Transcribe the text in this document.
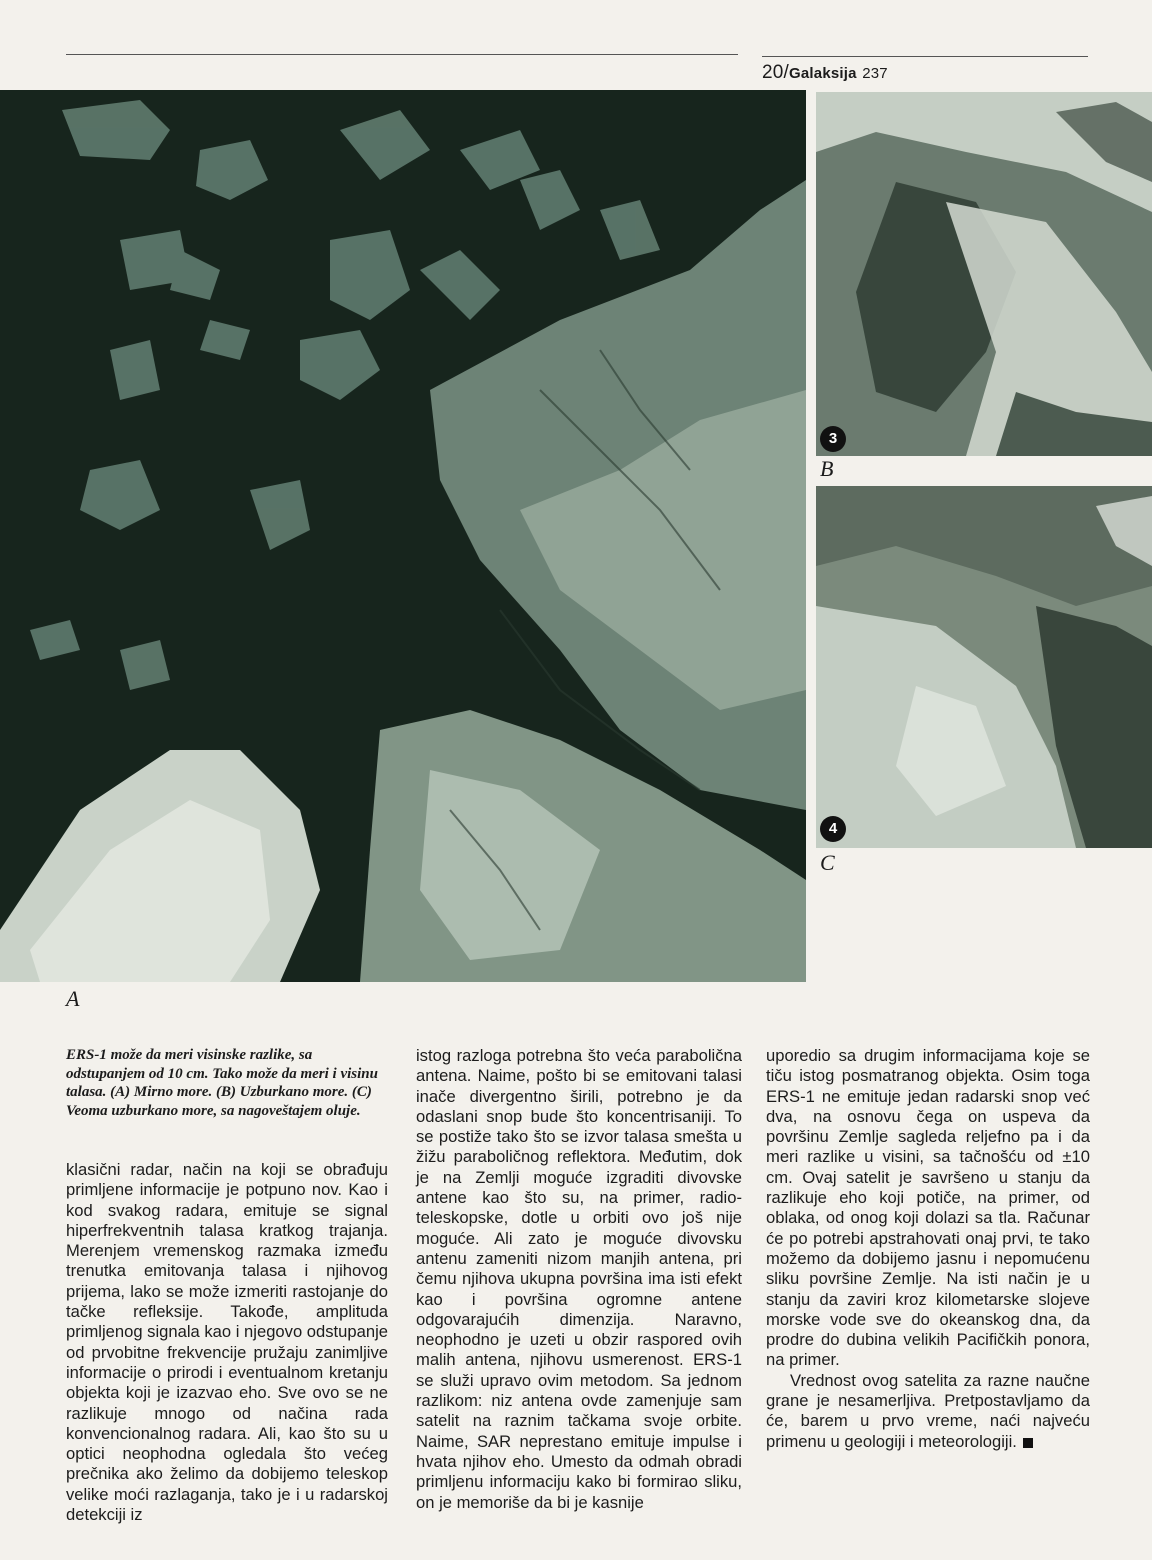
20/Galaksija 237
A
3
B
4
C
ERS-1 može da meri visinske razlike, sa odstupanjem od 10 cm. Tako može da meri i visinu talasa. (A) Mirno more. (B) Uzburkano more. (C) Veoma uzburkano more, sa nagoveštajem oluje.

klasični radar, način na koji se obrađuju primljene informacije je potpuno nov. Kao i kod svakog radara, emituje se signal hiperfrekventnih talasa kratkog trajanja. Merenjem vremenskog razmaka između trenutka emitovanja talasa i njihovog prijema, lako se može izmeriti rastojanje do tačke refleksije. Takođe, amplituda primljenog signala kao i njegovo odstupanje od prvobitne frekvencije pružaju zanimljive informacije o prirodi i eventualnom kretanju objekta koji je izazvao eho. Sve ovo se ne razlikuje mnogo od načina rada konvencionalnog radara. Ali, kao što su u optici neophodna ogledala što većeg prečnika ako želimo da dobijemo teleskop velike moći razlaganja, tako je i u radarskoj detekciji iz

istog razloga potrebna što veća parabolična antena. Naime, pošto bi se emitovani talasi inače divergentno širili, potrebno je da odaslani snop bude što koncentrisaniji. To se postiže tako što se izvor talasa smešta u žižu paraboličnog reflektora. Međutim, dok je na Zemlji moguće izgraditi divovske antene kao što su, na primer, radio-teleskopske, dotle u orbiti ovo još nije moguće. Ali zato je moguće divovsku antenu zameniti nizom manjih antena, pri čemu njihova ukupna površina ima isti efekt kao i površina ogromne antene odgovarajućih dimenzija. Naravno, neophodno je uzeti u obzir raspored ovih malih antena, njihovu usmerenost. ERS-1 se služi upravo ovim metodom. Sa jednom razlikom: niz antena ovde zamenjuje sam satelit na raznim tačkama svoje orbite. Naime, SAR neprestano emituje impulse i hvata njihov eho. Umesto da odmah obradi primljenu informaciju kako bi formirao sliku, on je memoriše da bi je kasnije

uporedio sa drugim informacijama koje se tiču istog posmatranog objekta. Osim toga ERS-1 ne emituje jedan radarski snop već dva, na osnovu čega on uspeva da površinu Zemlje sagleda reljefno pa i da meri razlike u visini, sa tačnošću od ±10 cm. Ovaj satelit je savršeno u stanju da razlikuje eho koji potiče, na primer, od oblaka, od onog koji dolazi sa tla. Računar će po potrebi apstrahovati onaj prvi, te tako možemo da dobijemo jasnu i nepomućenu sliku površine Zemlje. Na isti način je u stanju da zaviri kroz kilometarske slojeve morske vode sve do okeanskog dna, da prodre do dubina velikih Pacifičkih ponora, na primer.

Vrednost ovog satelita za razne naučne grane je nesamerljiva. Pretpostavljamo da će, barem u prvo vreme, naći najveću primenu u geologiji i meteorologiji.
